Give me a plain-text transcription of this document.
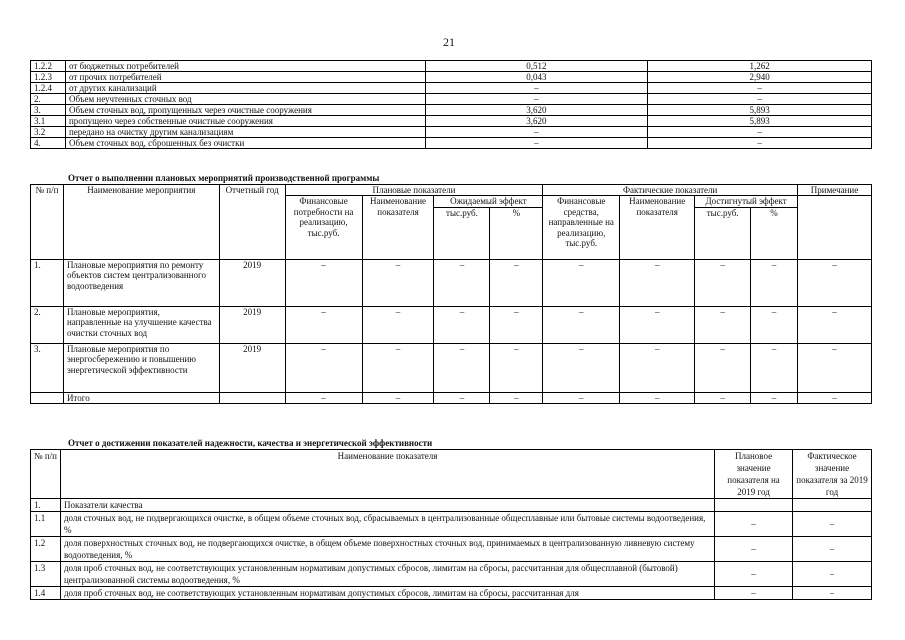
21
1.2.2	от бюджетных потребителей	0,512	1,262
1.2.3	от прочих потребителей	0,043	2,940
1.2.4	от других канализаций	–	–
2.	Объем неучтенных сточных вод	–	–
3.	Объем сточных вод, пропущенных через очистные сооружения	3,620	5,893
3.1	пропущено через собственные очистные сооружения	3,620	5,893
3.2	передано на очистку другим канализациям	–	–
4.	Объем сточных вод, сброшенных без очистки	–	–
Отчет о выполнении плановых мероприятий производственной программы
№ п/п	Наименование мероприятия	Отчетный год	Плановые показатели				Фактические показатели				Примечание
			Финансовые потребности на реализацию, тыс.руб.	Наименование показателя	Ожидаемый эффект		Финансовые средства, направленные на реализацию, тыс.руб.	Наименование показателя	Достигнутый эффект		
					тыс.руб.	%			тыс.руб.	%	
1.	Плановые мероприятия по ремонту объектов систем централизованного водоотведения	2019	–	–	–	–	–	–	–	–	–
2.	Плановые мероприятия, направленные на улучшение качества очистки сточных вод	2019	–	–	–	–	–	–	–	–	–
3.	Плановые мероприятия по энергосбережению и повышению энергетической эффективности	2019	–	–	–	–	–	–	–	–	–
	Итого		–	–	–	–	–	–	–	–	–
Отчет о достижении показателей надежности, качества и энергетической эффективности
№ п/п	Наименование показателя	Плановое значение показателя на 2019 год	Фактическое значение показателя за 2019 год
1.	Показатели качества		
1.1	доля сточных вод, не подвергающихся очистке, в общем объеме сточных вод, сбрасываемых в централизованные общесплавные или бытовые системы водоотведения, %	–	–
1.2	доля поверхностных сточных вод, не подвергающихся очистке, в общем объеме поверхностных сточных вод, принимаемых в централизованную ливневую систему водоотведения, %	–	–
1.3	доля проб сточных вод, не соответствующих установленным нормативам допустимых сбросов, лимитам на сбросы, рассчитанная для общесплавной (бытовой) централизованной системы водоотведения, %	–	–
1.4	доля проб сточных вод, не соответствующих установленным нормативам допустимых сбросов, лимитам на сбросы, рассчитанная для	–	–
